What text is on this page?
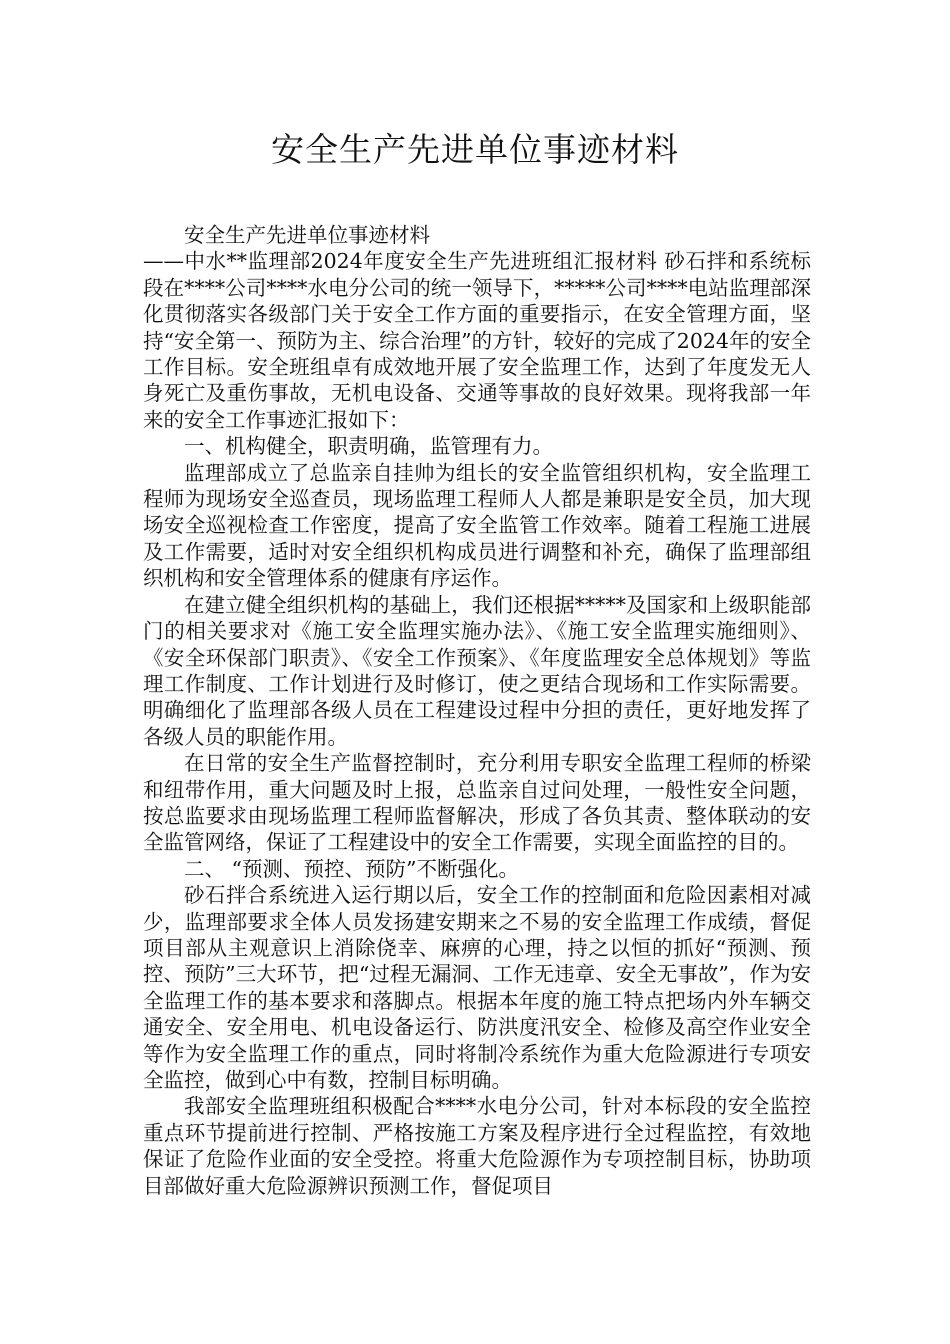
安全生产先进单位事迹材料

安全生产先进单位事迹材料

——中水**监理部2024年度安全生产先进班组汇报材料 砂石拌和系统标段在****公司****水电分公司的统一领导下，*****公司****电站监理部深化贯彻落实各级部门关于安全工作方面的重要指示，在安全管理方面，坚持“安全第一、预防为主、综合治理”的方针，较好的完成了2024年的安全工作目标。安全班组卓有成效地开展了安全监理工作，达到了年度发无人身死亡及重伤事故，无机电设备、交通等事故的良好效果。现将我部一年来的安全工作事迹汇报如下：

一、机构健全，职责明确，监管理有力。

监理部成立了总监亲自挂帅为组长的安全监管组织机构，安全监理工程师为现场安全巡查员，现场监理工程师人人都是兼职是安全员，加大现场安全巡视检查工作密度，提高了安全监管工作效率。随着工程施工进展及工作需要，适时对安全组织机构成员进行调整和补充，确保了监理部组织机构和安全管理体系的健康有序运作。

在建立健全组织机构的基础上，我们还根据*****及国家和上级职能部门的相关要求对《施工安全监理实施办法》、《施工安全监理实施细则》、《安全环保部门职责》、《安全工作预案》、《年度监理安全总体规划》等监理工作制度、工作计划进行及时修订，使之更结合现场和工作实际需要。明确细化了监理部各级人员在工程建设过程中分担的责任，更好地发挥了各级人员的职能作用。

在日常的安全生产监督控制时，充分利用专职安全监理工程师的桥梁和纽带作用，重大问题及时上报，总监亲自过问处理，一般性安全问题，按总监要求由现场监理工程师监督解决，形成了各负其责、整体联动的安全监管网络，保证了工程建设中的安全工作需要，实现全面监控的目的。

二、 “预测、预控、预防”不断强化。

砂石拌合系统进入运行期以后，安全工作的控制面和危险因素相对减少，监理部要求全体人员发扬建安期来之不易的安全监理工作成绩，督促项目部从主观意识上消除侥幸、麻痹的心理，持之以恒的抓好“预测、预控、预防”三大环节，把“过程无漏洞、工作无违章、安全无事故”，作为安全监理工作的基本要求和落脚点。根据本年度的施工特点把场内外车辆交通安全、安全用电、机电设备运行、防洪度汛安全、检修及高空作业安全等作为安全监理工作的重点，同时将制冷系统作为重大危险源进行专项安全监控，做到心中有数，控制目标明确。

我部安全监理班组积极配合****水电分公司，针对本标段的安全监控重点环节提前进行控制、严格按施工方案及程序进行全过程监控，有效地保证了危险作业面的安全受控。将重大危险源作为专项控制目标，协助项目部做好重大危险源辨识预测工作，督促项目
